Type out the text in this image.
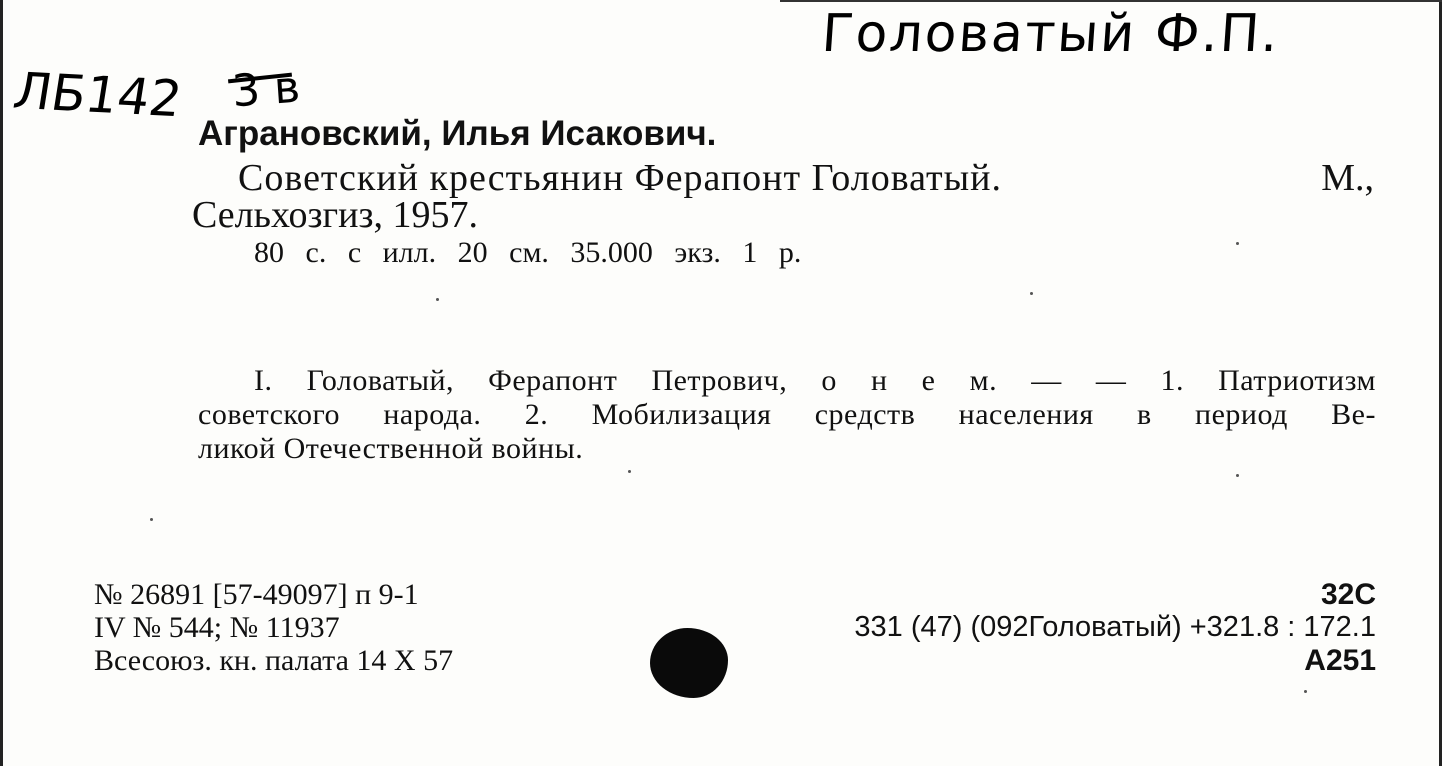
Головатый Ф.П.
ЛБ142 3 в
Аграновский, Илья Исакович.
Советский крестьянин Ферапонт Головатый.	М.,
Сельхозгиз, 1957.
80 с. с илл. 20 см. 35.000 экз. 1 р.

I. Головатый, Ферапонт Петрович, о н е м. — — 1. Патриотизм

советского народа. 2. Мобилизация средств населения в период Ве-

ликой Отечественной войны.

№ 26891 [57-49097] п 9-1
IV № 544; № 11937
Всесоюз. кн. палата 14 Х 57
32С
331 (47) (092Головатый) +321.8 : 172.1
А251
